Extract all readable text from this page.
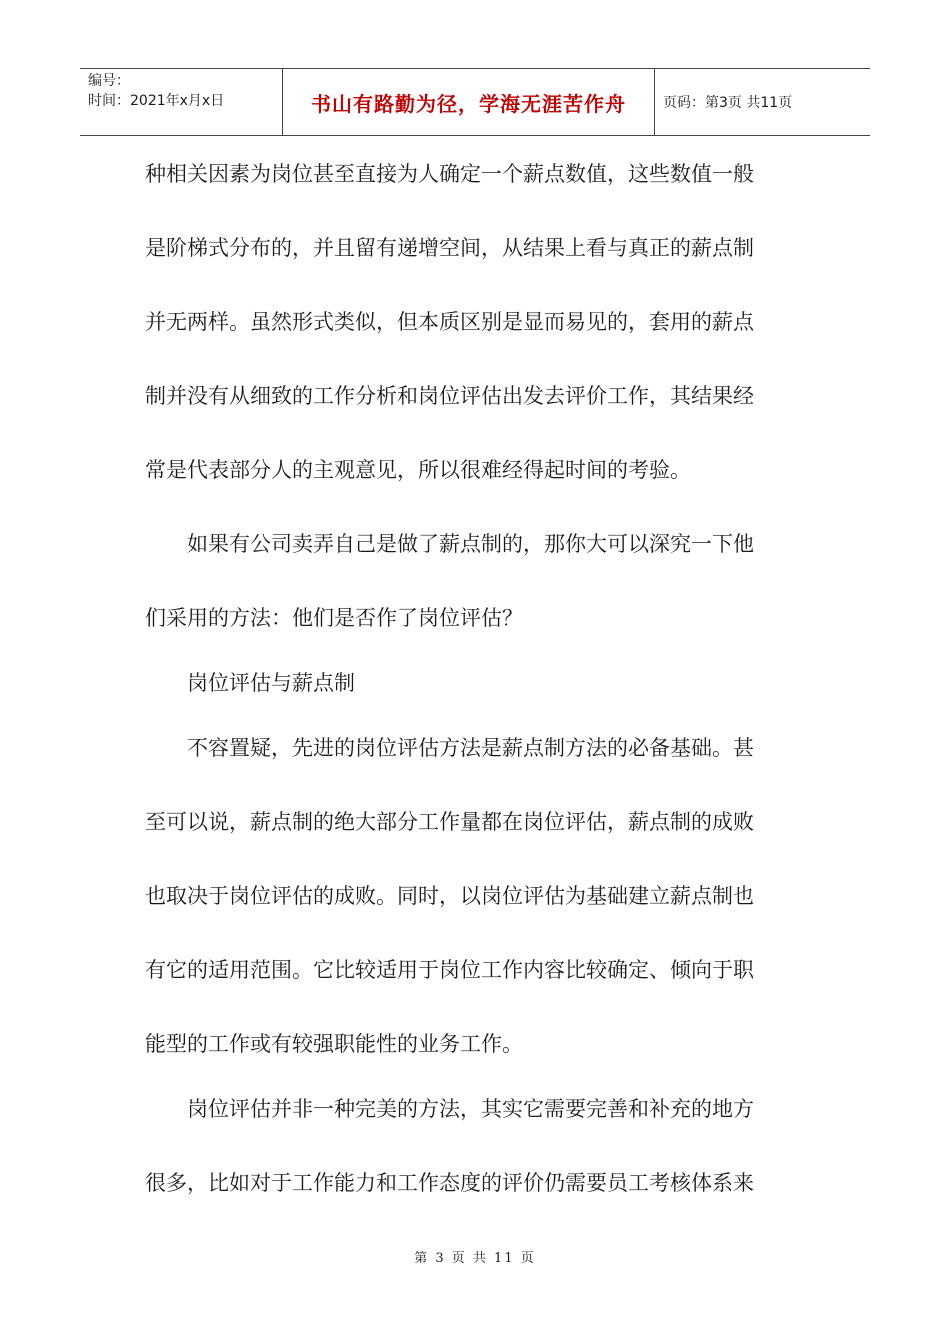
编号：
时间：2021年x月x日	书山有路勤为径，学海无涯苦作舟	页码：第3页 共11页
种相关因素为岗位甚至直接为人确定一个薪点数值，这些数值一般
是阶梯式分布的，并且留有递增空间，从结果上看与真正的薪点制
并无两样。虽然形式类似，但本质区别是显而易见的，套用的薪点
制并没有从细致的工作分析和岗位评估出发去评价工作，其结果经
常是代表部分人的主观意见，所以很难经得起时间的考验。
如果有公司卖弄自己是做了薪点制的，那你大可以深究一下他
们采用的方法：他们是否作了岗位评估？
岗位评估与薪点制
不容置疑，先进的岗位评估方法是薪点制方法的必备基础。甚
至可以说，薪点制的绝大部分工作量都在岗位评估，薪点制的成败
也取决于岗位评估的成败。同时，以岗位评估为基础建立薪点制也
有它的适用范围。它比较适用于岗位工作内容比较确定、倾向于职
能型的工作或有较强职能性的业务工作。
岗位评估并非一种完美的方法，其实它需要完善和补充的地方
很多，比如对于工作能力和工作态度的评价仍需要员工考核体系来
第 3 页 共 11 页
